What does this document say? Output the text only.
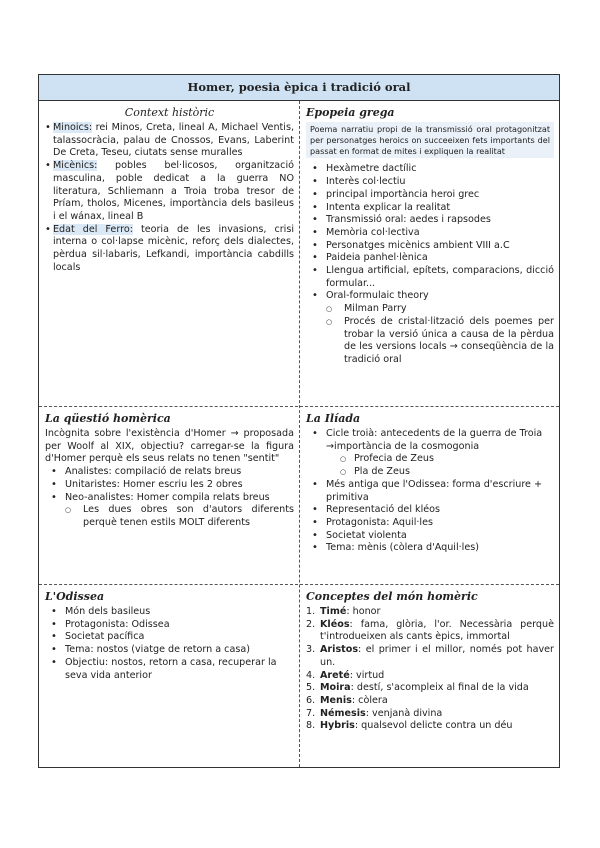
Homer, poesia èpica i tradició oral
Context històric
• Minoics: rei Minos, Creta, lineal A, Michael Ventis, talassocràcia, palau de Cnossos, Evans, Laberint De Creta, Teseu, ciutats sense muralles
• Micènics: pobles bel·licosos, organització masculina, poble dedicat a la guerra NO literatura, Schliemann a Troia troba tresor de Príam, tholos, Micenes, importància dels basileus i el wánax, lineal B
• Edat del Ferro: teoria de les invasions, crisi interna o col·lapse micènic, reforç dels dialectes, pèrdua sil·labaris, Lefkandi, importància cabdills locals
Epopeia grega
Poema narratiu propi de la transmissió oral protagonitzat per personatges heroics on succeeixen fets importants del passat en format de mites i expliquen la realitat
• Hexàmetre dactílic
• Interès col·lectiu
• principal importància heroi grec
• Intenta explicar la realitat
• Transmissió oral: aedes i rapsodes
• Memòria col·lectiva
• Personatges micènics ambient VIII a.C
• Paideia panhel·lènica
• Llengua artificial, epítets, comparacions, dicció formular...
• Oral-formulaic theory
○ Milman Parry
○ Procés de cristal·lització dels poemes per trobar la versió única a causa de la pèrdua de les versions locals → conseqüència de la tradició oral
La qüestió homèrica

Incògnita sobre l'existència d'Homer → proposada per Woolf al XIX, objectiu? carregar-se la figura d'Homer perquè els seus relats no tenen "sentit"

• Analistes: compilació de relats breus
• Unitaristes: Homer escriu les 2 obres
• Neo-analistes: Homer compila relats breus
○ Les dues obres son d'autors diferents perquè tenen estils MOLT diferents
La Ilíada
• Cicle troià: antecedents de la guerra de Troia →importància de la cosmogonia
○ Profecia de Zeus
○ Pla de Zeus
• Més antiga que l'Odissea: forma d'escriure + primitiva
• Representació del kléos
• Protagonista: Aquil·les
• Societat violenta
• Tema: mènis (còlera d'Aquil·les)
L'Odissea
• Món dels basileus
• Protagonista: Odissea
• Societat pacífica
• Tema: nostos (viatge de retorn a casa)
• Objectiu: nostos, retorn a casa, recuperar la seva vida anterior
Conceptes del món homèric
1. Timé: honor
2. Kléos: fama, glòria, l'or. Necessària perquè t'introdueixen als cants èpics, immortal
3. Aristos: el primer i el millor, només pot haver un.
4. Areté: virtud
5. Moira: destí, s'acompleix al final de la vida
6. Menis: còlera
7. Némesis: venjanà divina
8. Hybris: qualsevol delicte contra un déu
